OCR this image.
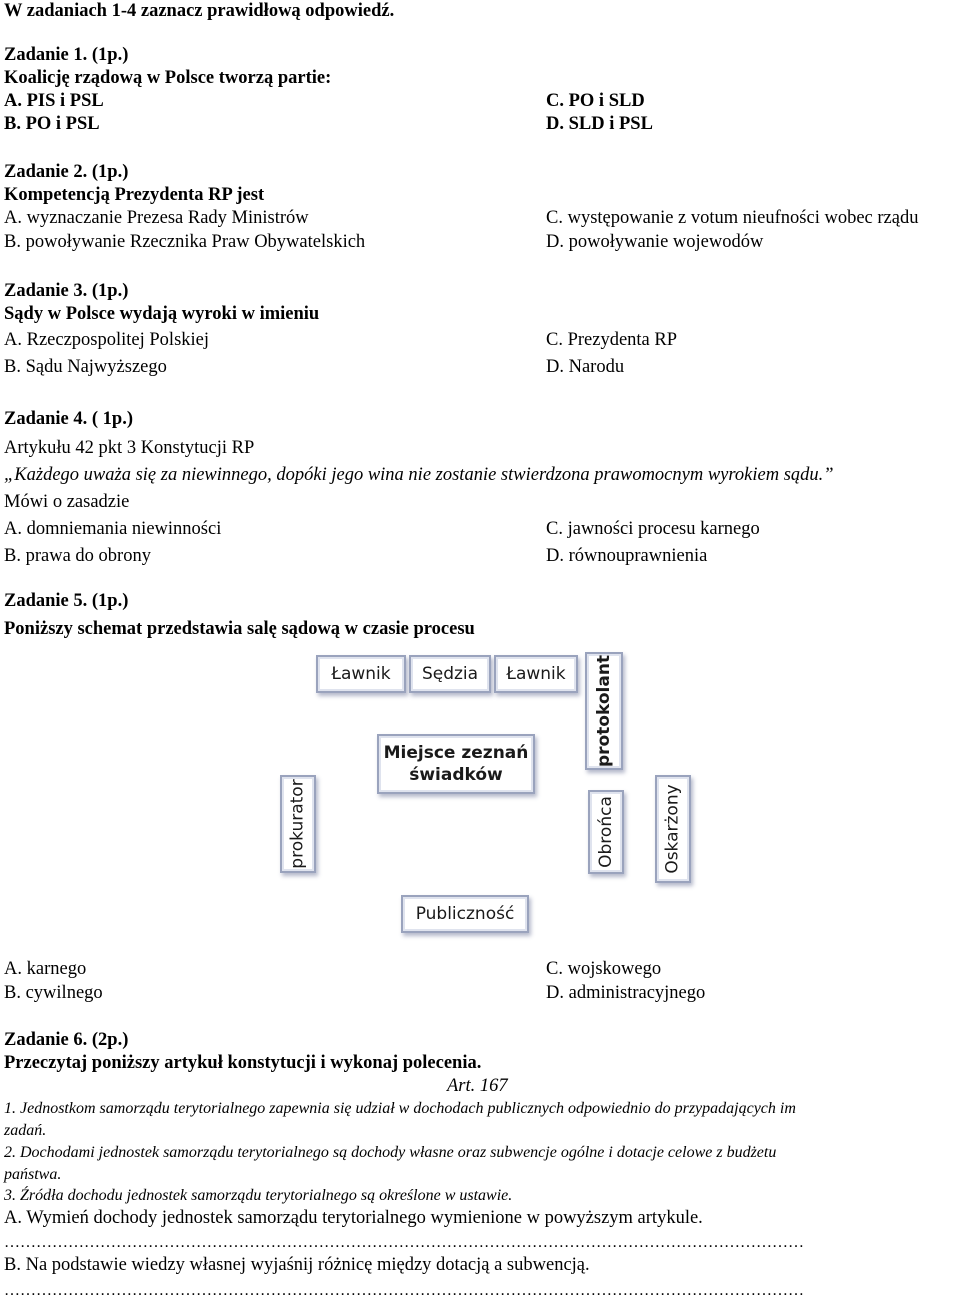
W zadaniach 1-4 zaznacz prawidłową odpowiedź.
Zadanie 1. (1p.)
Koalicję rządową w Polsce tworzą partie:
A. PIS i PSL
B. PO i PSL
C. PO i SLD
D. SLD i PSL
Zadanie 2. (1p.)
Kompetencją Prezydenta RP jest
A. wyznaczanie Prezesa Rady Ministrów
B. powoływanie Rzecznika Praw Obywatelskich
C. występowanie z votum nieufności wobec rządu
D. powoływanie wojewodów
Zadanie 3. (1p.)
Sądy w Polsce wydają wyroki w imieniu
A. Rzeczpospolitej Polskiej
B. Sądu Najwyższego
C. Prezydenta RP
D. Narodu
Zadanie 4. ( 1p.)
Artykułu 42 pkt 3 Konstytucji RP
„Każdego uważa się za niewinnego, dopóki jego wina nie zostanie stwierdzona prawomocnym wyrokiem sądu.”
Mówi o zasadzie
A. domniemania niewinności
B. prawa do obrony
C. jawności procesu karnego
D. równouprawnienia
Zadanie 5. (1p.)
Poniższy schemat przedstawia salę sądową w czasie procesu
Ławnik Sędzia Ławnik protokolant
Miejsce zeznań
świadków
prokurator	Obrońca	Oskarżony
Publiczność
A. karnego
B. cywilnego
C. wojskowego
D. administracyjnego
Zadanie 6. (2p.)
Przeczytaj poniższy artykuł konstytucji i wykonaj polecenia.
Art. 167
1. Jednostkom samorządu terytorialnego zapewnia się udział w dochodach publicznych odpowiednio do przypadających im
zadań.
2. Dochodami jednostek samorządu terytorialnego są dochody własne oraz subwencje ogólne i dotacje celowe z budżetu
państwa.
3. Źródła dochodu jednostek samorządu terytorialnego są określone w ustawie.
A. Wymień dochody jednostek samorządu terytorialnego wymienione w powyższym artykule.
……………………………………………………………………………………………………………………………………
B. Na podstawie wiedzy własnej wyjaśnij różnicę między dotacją a subwencją.
……………………………………………………………………………………………………………………………………
